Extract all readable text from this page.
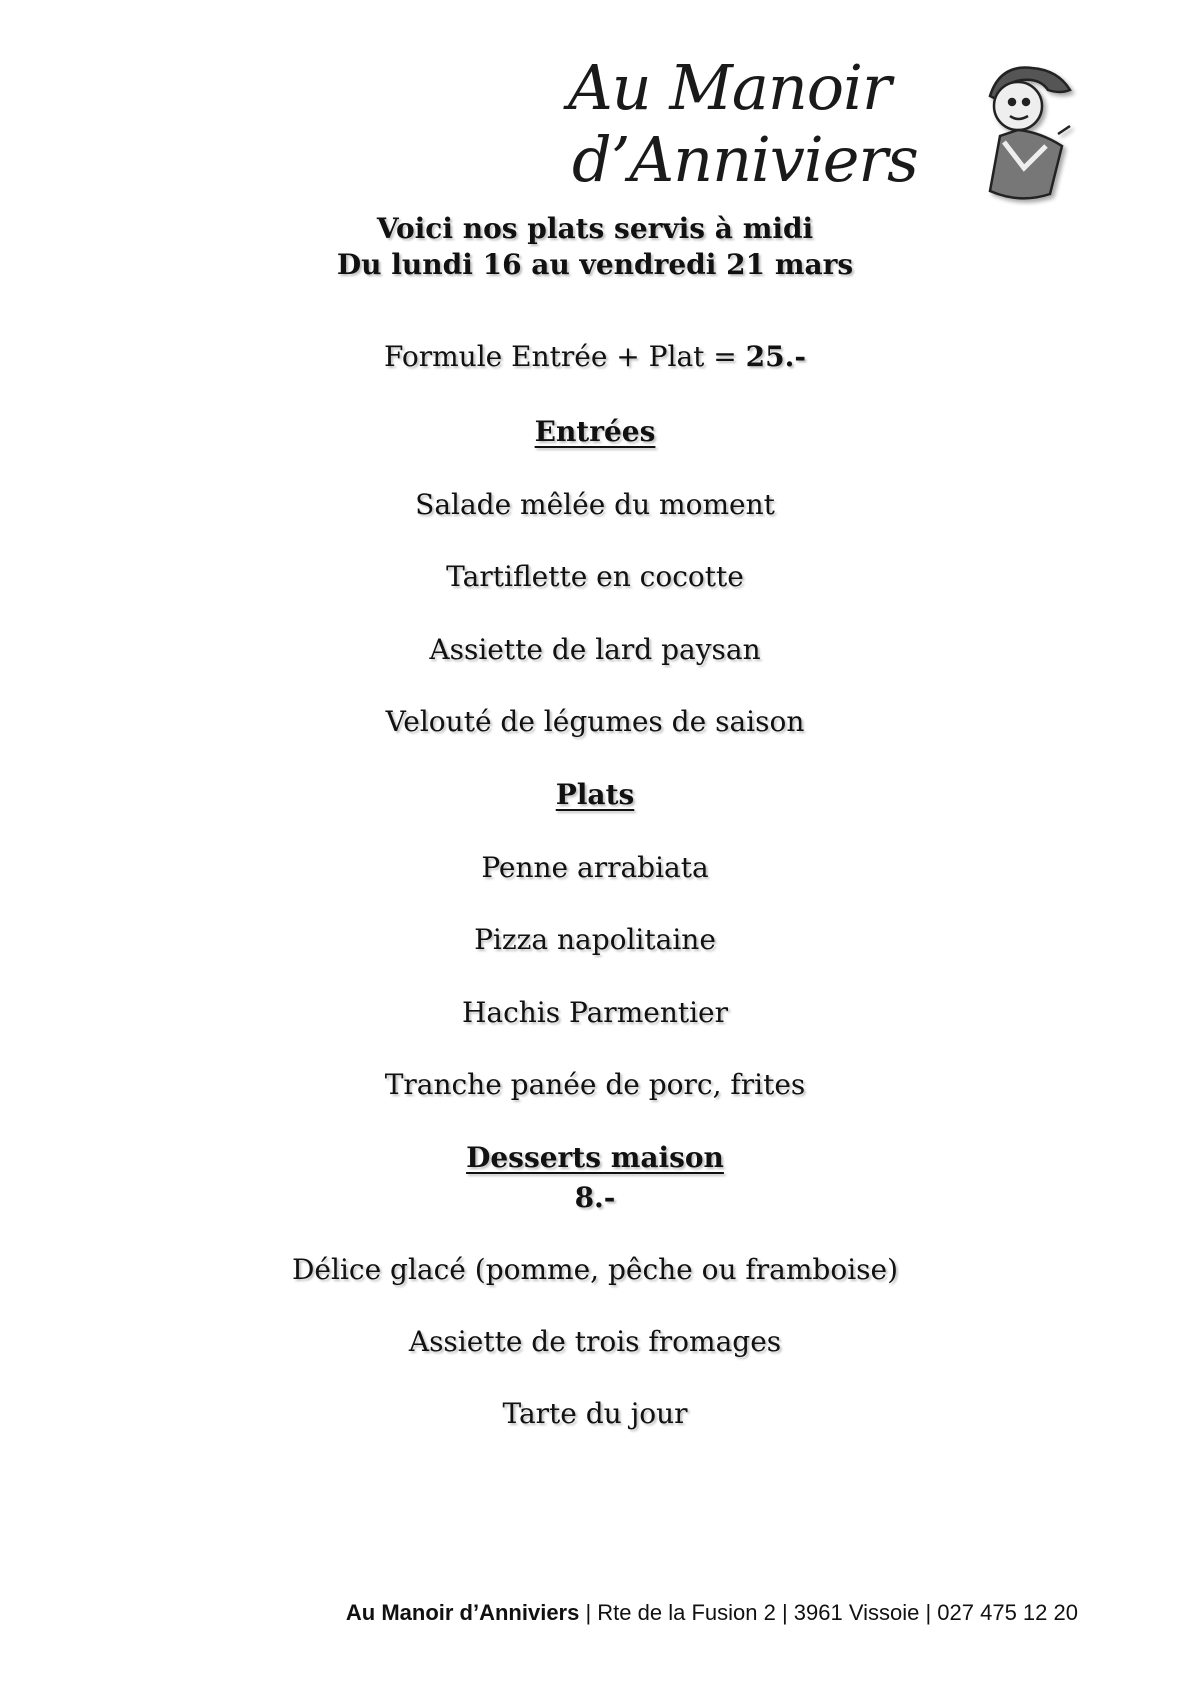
Au Manoir
d’Anniviers
Voici nos plats servis à midi
Du lundi 16 au vendredi 21 mars
Formule Entrée + Plat = 25.-
Entrées
Salade mêlée du moment
Tartiflette en cocotte
Assiette de lard paysan
Velouté de légumes de saison
Plats
Penne arrabiata
Pizza napolitaine
Hachis Parmentier
Tranche panée de porc, frites
Desserts maison
8.-
Délice glacé (pomme, pêche ou framboise)
Assiette de trois fromages
Tarte du jour
Au Manoir d’Anniviers | Rte de la Fusion 2 | 3961 Vissoie | 027 475 12 20
